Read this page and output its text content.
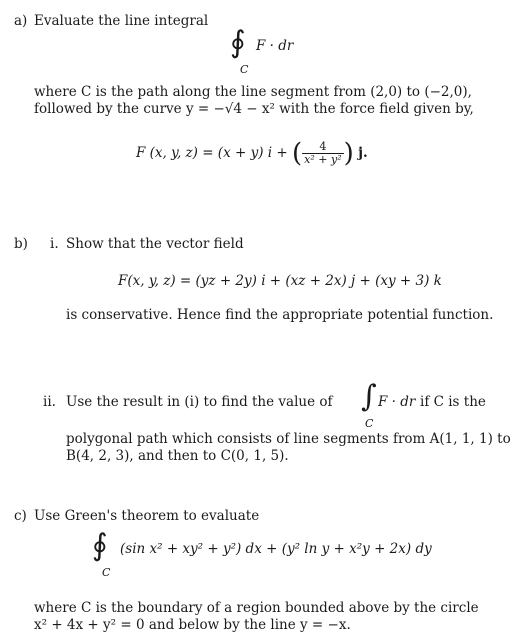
a) Evaluate the line integral
∮ F · dr
C
where C is the path along the line segment from (2,0) to (−2,0),
followed by the curve y = −√4 − x² with the force field given by,
F (x, y, z) = (x + y) i + ( $\frac{4}{\text{x² + y²}}$ ) j.
b) i. Show that the vector field
F(x, y, z) = (yz + 2y) i + (xz + 2x) j + (xy + 3) k
is conservative. Hence find the appropriate potential function.
ii. Use the result in (i) to find the value of ∫ F · dr
C
if C is the
polygonal path which consists of line segments from A(1, 1, 1) to
B(4, 2, 3), and then to C(0, 1, 5).
c) Use Green's theorem to evaluate
∮ (sin x² + xy² + y²) dx + (y² ln y + x²y + 2x) dy
C
where C is the boundary of a region bounded above by the circle
x² + 4x + y² = 0 and below by the line y = −x.
